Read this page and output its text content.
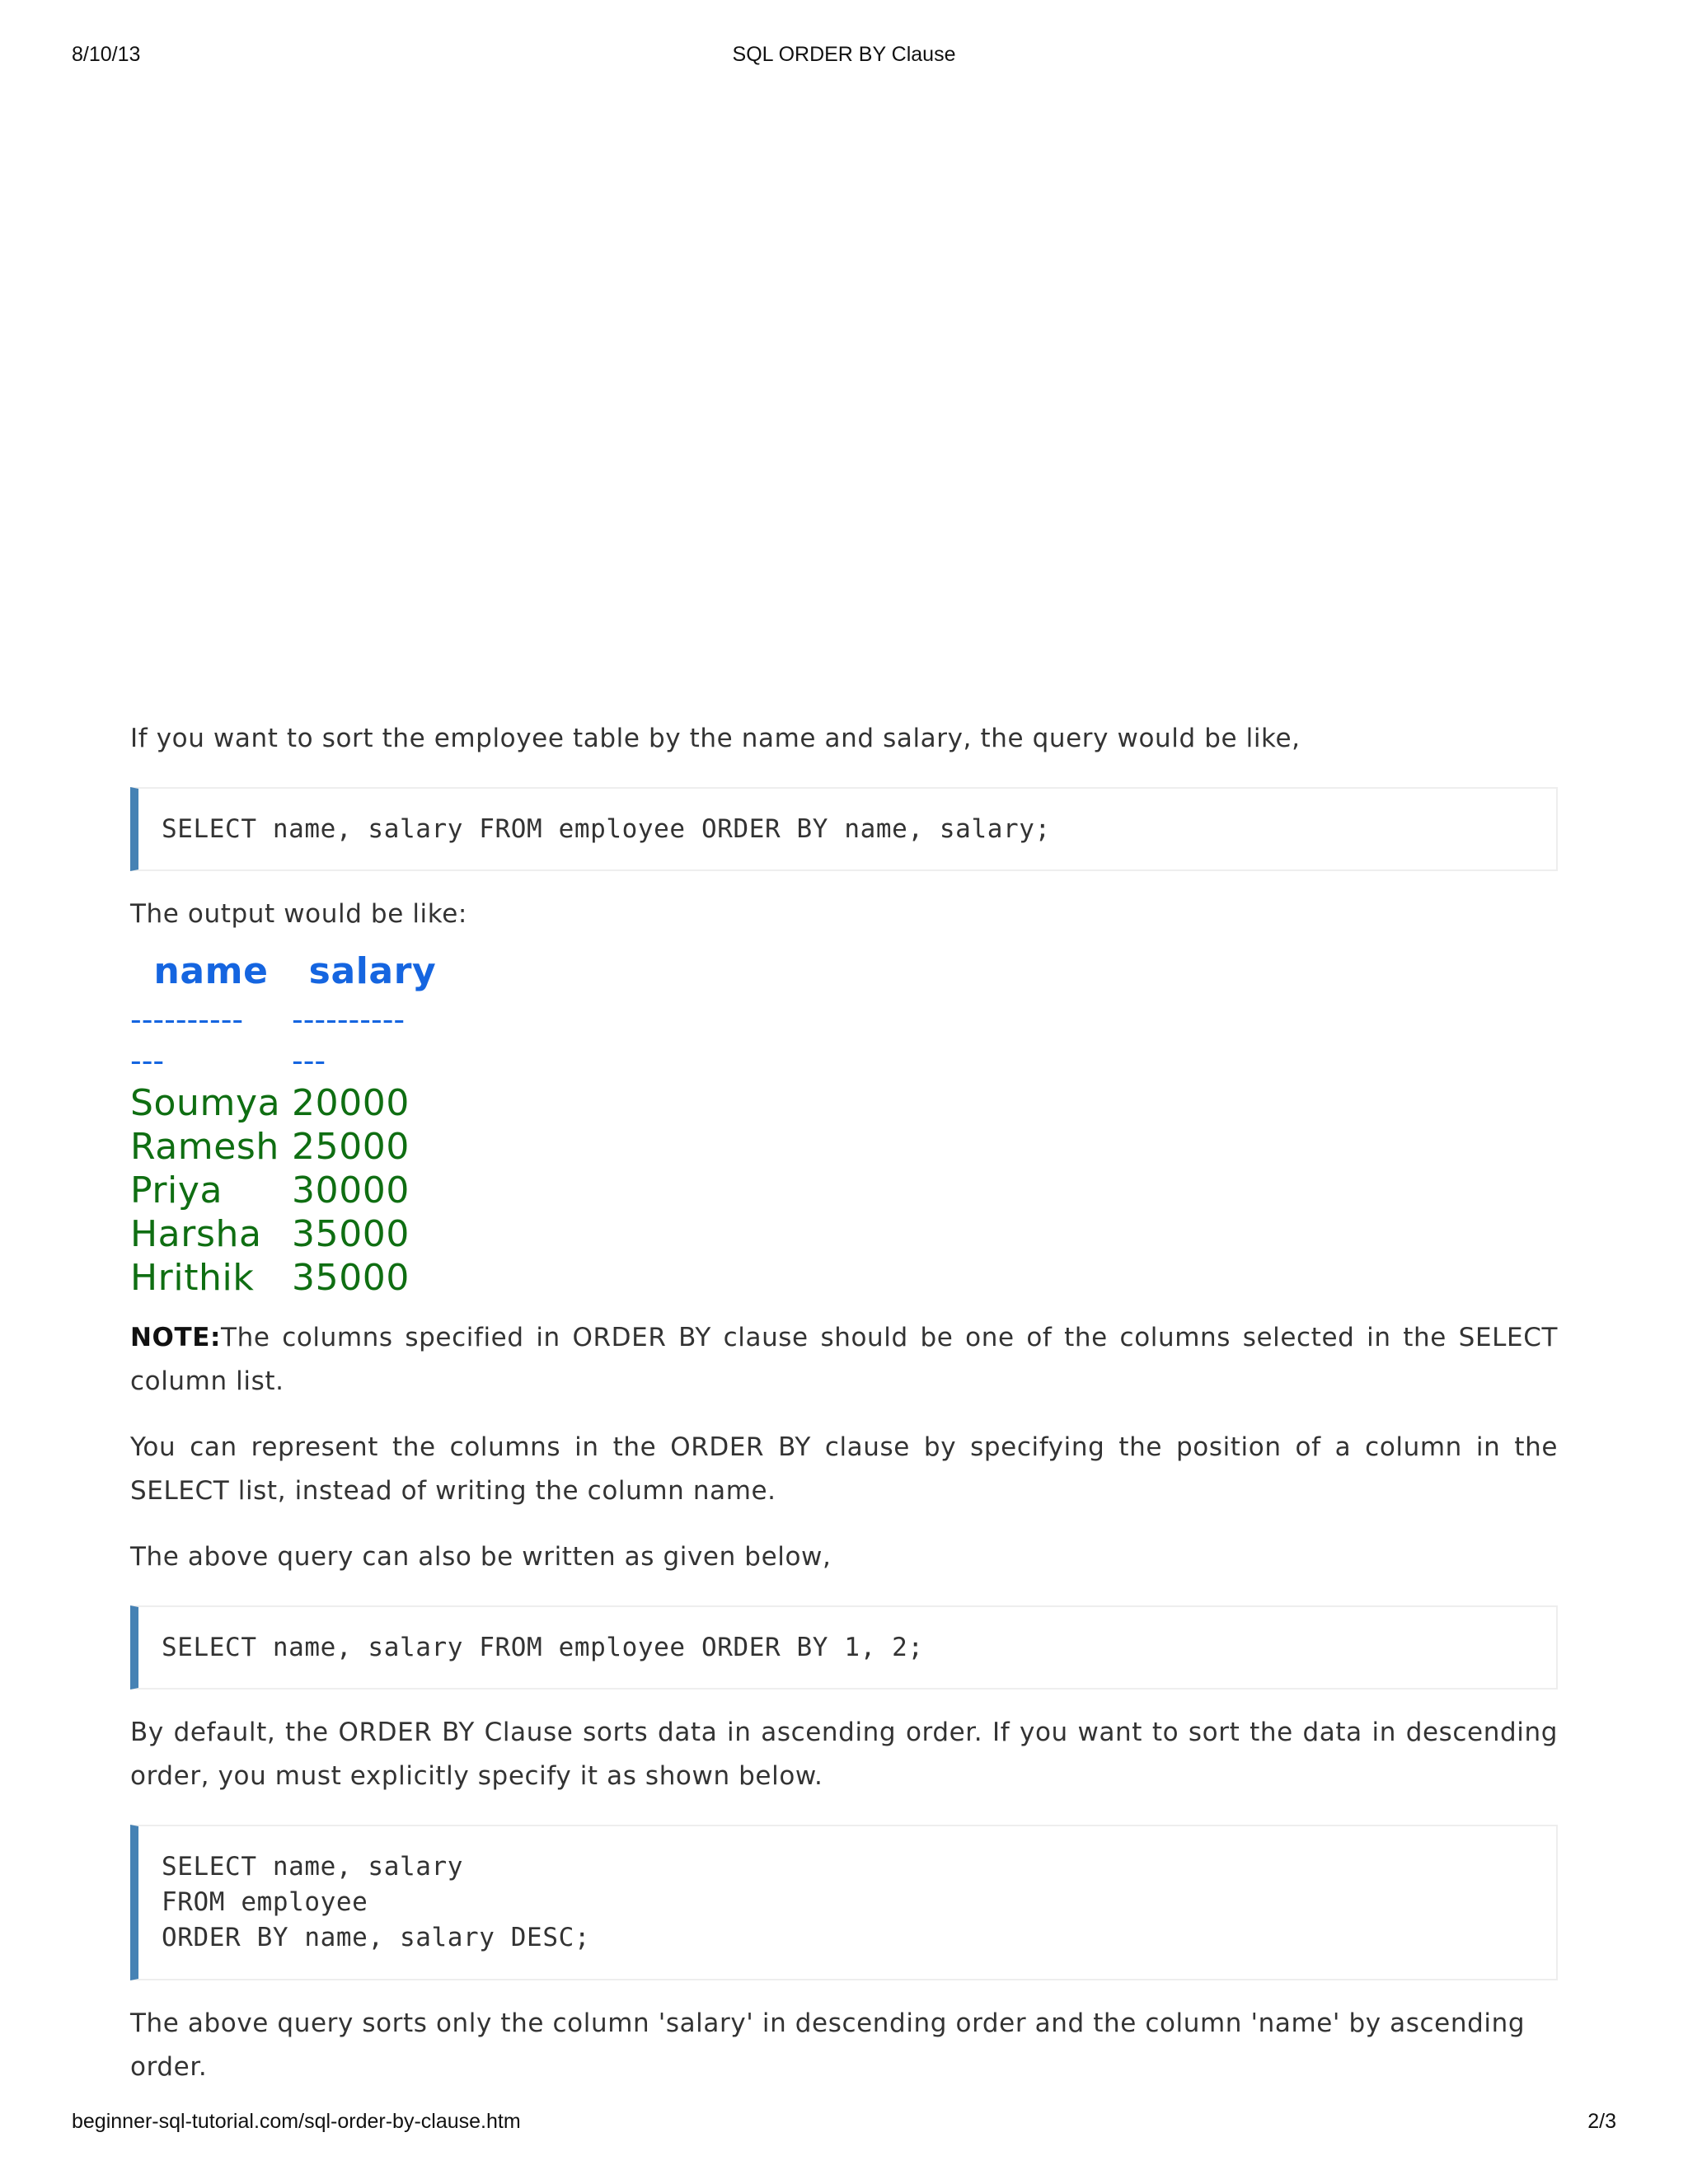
8/10/13	SQL ORDER BY Clause

If you want to sort the employee table by the name and salary, the query would be like,

SELECT name, salary FROM employee ORDER BY name, salary;

The output would be like:

name	salary
----------	----------
---	---
Soumya 20000
Ramesh 25000
Priya	30000
Harsha 35000
Hrithik	35000

NOTE:The columns specified in ORDER BY clause should be one of the columns selected in the SELECT column list.

You can represent the columns in the ORDER BY clause by specifying the position of a column in the SELECT list, instead of writing the column name.

The above query can also be written as given below,

SELECT name, salary FROM employee ORDER BY 1, 2;

By default, the ORDER BY Clause sorts data in ascending order. If you want to sort the data in descending order, you must explicitly specify it as shown below.

SELECT name, salary
FROM employee
ORDER BY name, salary DESC;

The above query sorts only the column 'salary' in descending order and the column 'name' by ascending order.

beginner-sql-tutorial.com/sql-order-by-clause.htm	2/3
